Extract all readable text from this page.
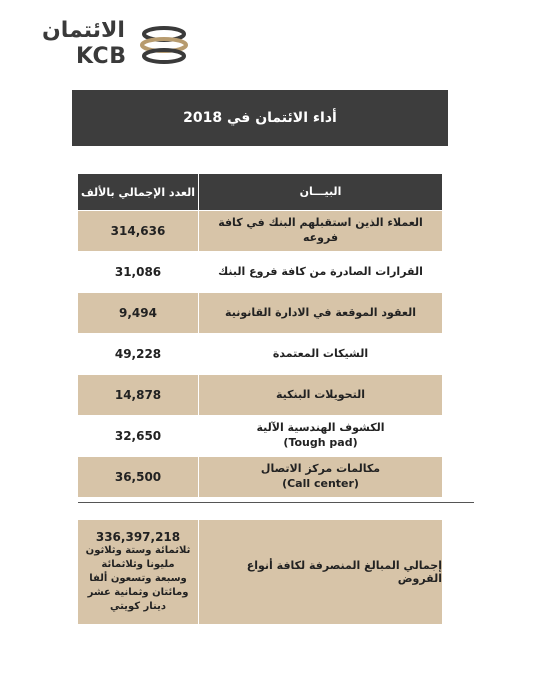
الائتمان
KCB
أداء الائتمان في 2018
البيـــان
العدد الإجمالي بالألف
العملاء الذين استقبلهم البنك في كافة فروعه
314,636
القرارات الصادرة من كافة فروع البنك
31,086
العقود الموقعة في الادارة القانونية
9,494
الشيكات المعتمدة
49,228
التحويلات البنكية
14,878
الكشوف الهندسية الآلية
(Tough pad)
32,650
مكالمات مركز الاتصال
(Call center)
36,500
إجمالي المبالغ المنصرفة لكافة أنواع القروض
336,397,218
ثلاثمائة وستة وثلاثون مليونا وثلاثمائة وسبعة وتسعون ألفا ومائتان وثمانية عشر دينار كويتي
